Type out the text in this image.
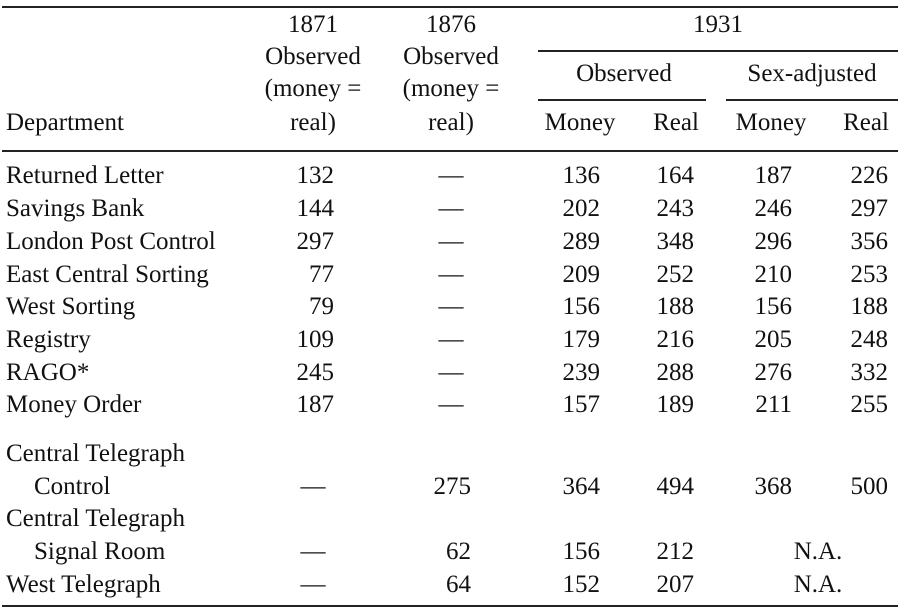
1871
Observed
(money =
real)
1876
Observed
(money =
real)
1931
Observed	Sex-adjusted
Department	Money Real Money Real
Returned Letter	132	—	136 164 187 226
Savings Bank	144	—	202 243 246 297
London Post Control	297	—	289 348 296 356
East Central Sorting	77	—	209 252 210 253
West Sorting	79	—	156 188 156 188
Registry	109	—	179 216 205 248
RAGO*	245	—	239 288 276 332
Money Order	187	—	157 189 211 255
Central Telegraph
Control	—	275	364 494 368 500
Central Telegraph
Signal Room	—	62	156 212	N.A.
West Telegraph	—	64	152 207	N.A.
